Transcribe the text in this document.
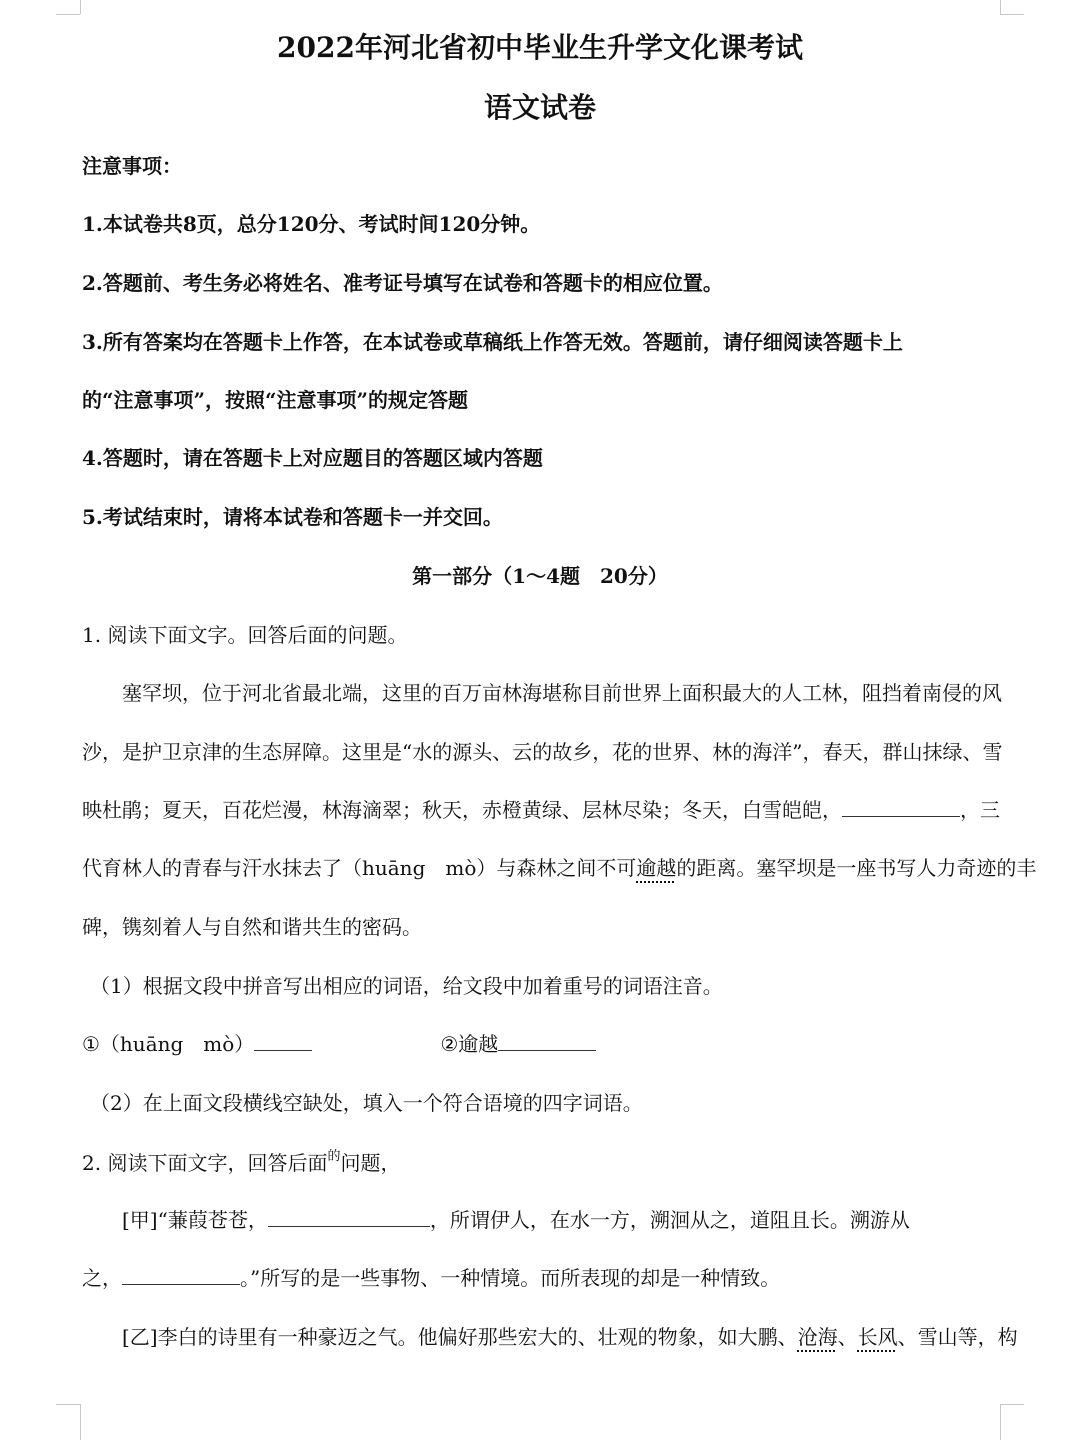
2022年河北省初中毕业生升学文化课考试
语文试卷
注意事项：
1.本试卷共8页，总分120分、考试时间120分钟。
2.答题前、考生务必将姓名、准考证号填写在试卷和答题卡的相应位置。
3.所有答案均在答题卡上作答，在本试卷或草稿纸上作答无效。答题前，请仔细阅读答题卡上
的“注意事项”，按照“注意事项”的规定答题
4.答题时，请在答题卡上对应题目的答题区域内答题
5.考试结束时，请将本试卷和答题卡一并交回。
第一部分（1～4题　20分）
1. 阅读下面文字。回答后面的问题。
塞罕坝，位于河北省最北端，这里的百万亩林海堪称目前世界上面积最大的人工林，阻挡着南侵的风
沙，是护卫京津的生态屏障。这里是“水的源头、云的故乡，花的世界、林的海洋”，春天，群山抹绿、雪
映杜鹃；夏天，百花烂漫，林海滴翠；秋天，赤橙黄绿、层林尽染；冬天，白雪皑皑，	，三
代育林人的青春与汗水抹去了（huāng　mò）与森林之间不可逾越的距离。塞罕坝是一座书写人力奇迹的丰
碑，镌刻着人与自然和谐共生的密码。
（1）根据文段中拼音写出相应的词语，给文段中加着重号的词语注音。
①（huāng　mò）	②逾越
（2）在上面文段横线空缺处，填入一个符合语境的四字词语。
2. 阅读下面文字，回答后面$^的$问题，
[甲]“蒹葭苍苍，	，所谓伊人，在水一方，溯洄从之，道阻且长。溯游从
之，	。”所写的是一些事物、一种情境。而所表现的却是一种情致。
[乙]李白的诗里有一种豪迈之气。他偏好那些宏大的、壮观的物象，如大鹏、沧海、长风、雪山等，构
